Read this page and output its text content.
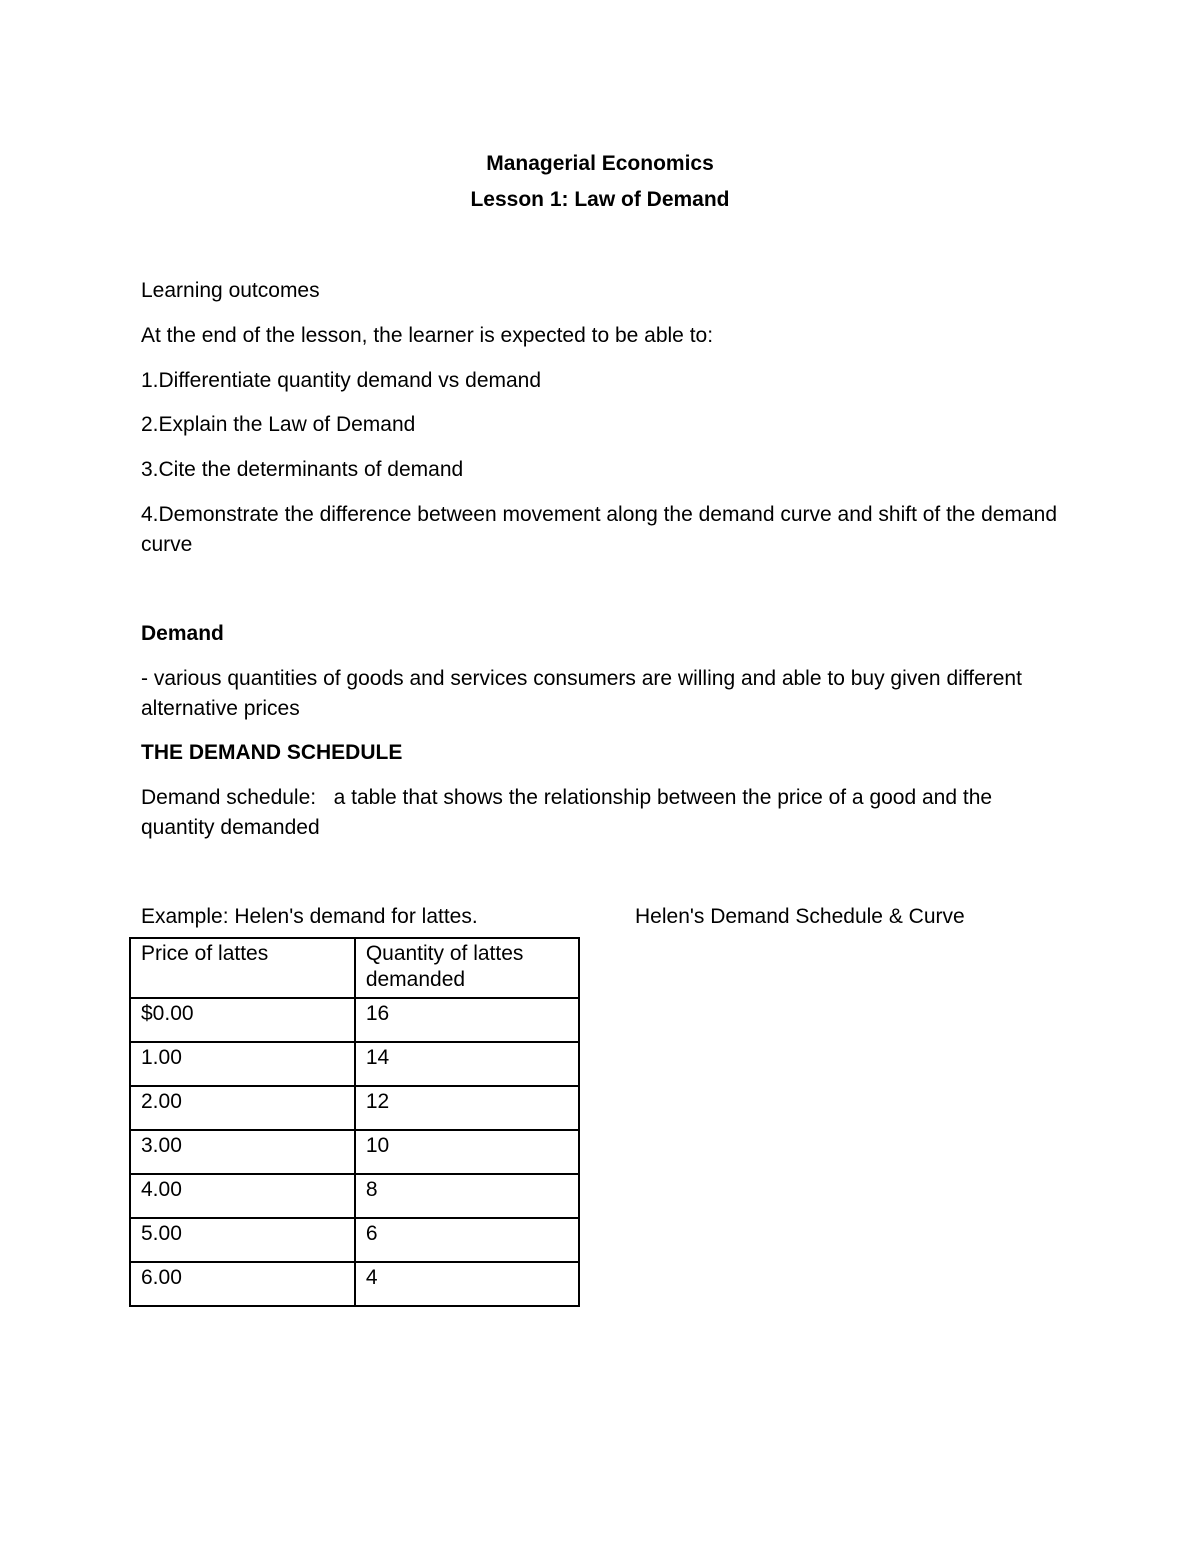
Managerial Economics
Lesson 1: Law of Demand
Learning outcomes
At the end of the lesson, the learner is expected to be able to:
1.Differentiate quantity demand vs demand
2.Explain the Law of Demand
3.Cite the determinants of demand
4.Demonstrate the difference between movement along the demand curve and shift of the demand curve
Demand
- various quantities of goods and services consumers are willing and able to buy given different alternative prices
THE DEMAND SCHEDULE
Demand schedule:   a table that shows the relationship between the price of a good and the quantity demanded
Example: Helen's demand for lattes.	Helen's Demand Schedule & Curve
Price of lattes	Quantity of lattes demanded
$0.00	16
1.00	14
2.00	12
3.00	10
4.00	8
5.00	6
6.00	4
